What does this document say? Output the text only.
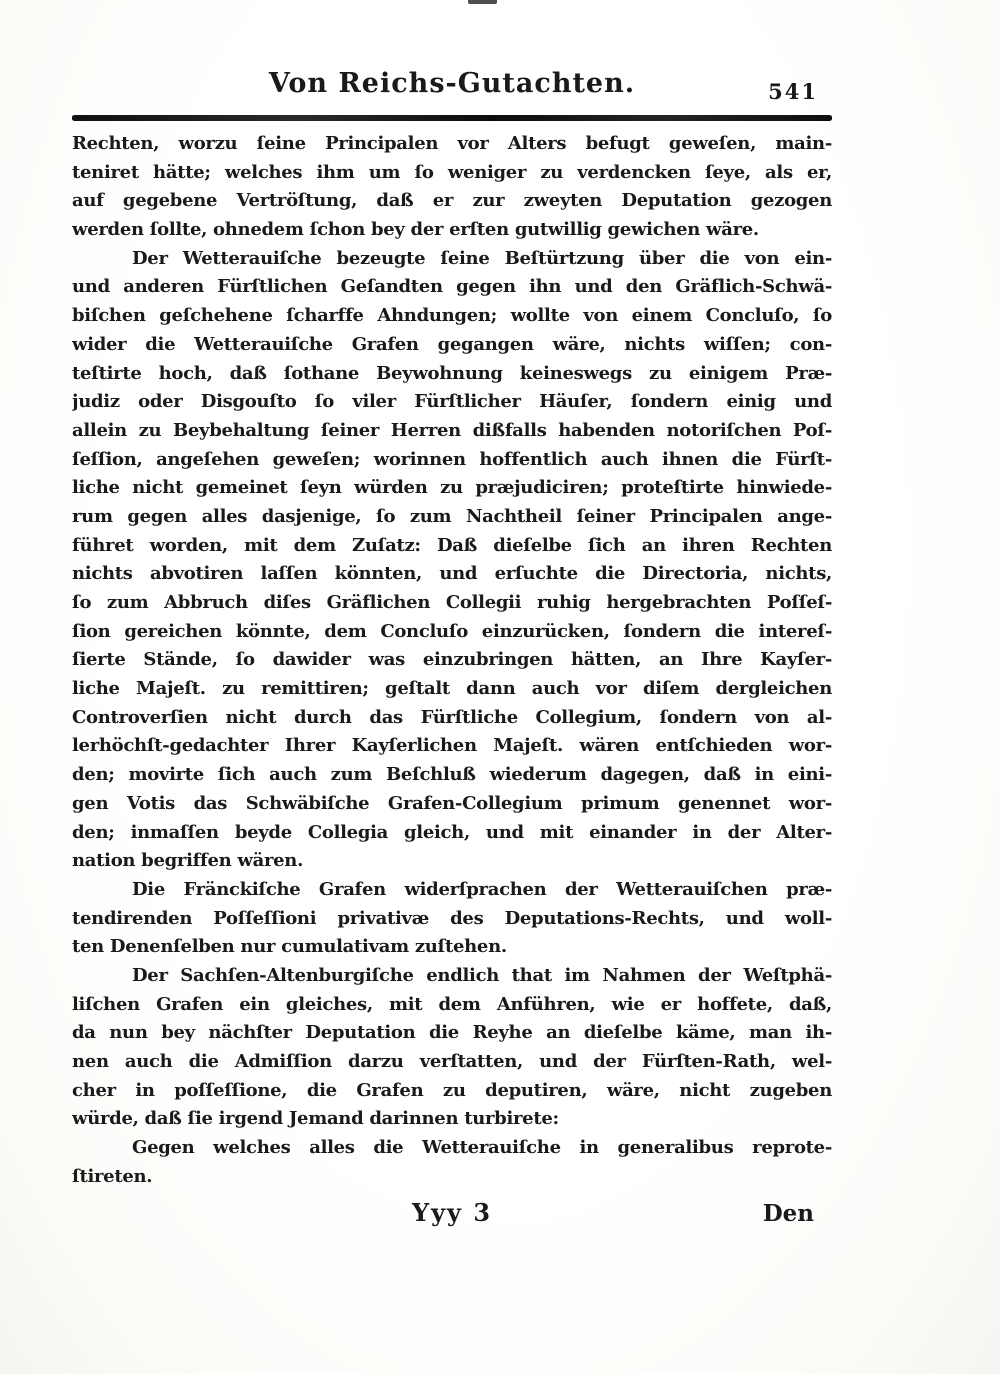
Von Reichs-Gutachten.	541
Rechten, worzu ſeine Principalen vor Alters befugt geweſen, main-
teniret hätte; welches ihm um ſo weniger zu verdencken ſeye, als er,
auf gegebene Vertröſtung, daß er zur zweyten Deputation gezogen
werden ſollte, ohnedem ſchon bey der erſten gutwillig gewichen wäre.
Der Wetterauiſche bezeugte ſeine Beſtürtzung über die von ein-
und anderen Fürſtlichen Geſandten gegen ihn und den Gräflich-Schwä-
biſchen geſchehene ſcharffe Ahndungen; wollte von einem Concluſo, ſo
wider die Wetterauiſche Grafen gegangen wäre, nichts wiſſen; con-
teſtirte hoch, daß ſothane Beywohnung keineswegs zu einigem Præ-
judiz oder Disgouſto ſo viler Fürſtlicher Häuſer, ſondern einig und
allein zu Beybehaltung ſeiner Herren dißfalls habenden notoriſchen Poſ-
ſeſſion, angeſehen geweſen; worinnen hoffentlich auch ihnen die Fürſt-
liche nicht gemeinet ſeyn würden zu præjudiciren; proteſtirte hinwiede-
rum gegen alles dasjenige, ſo zum Nachtheil ſeiner Principalen ange-
führet worden, mit dem Zuſatz: Daß dieſelbe ſich an ihren Rechten
nichts abvotiren laſſen könnten, und erſuchte die Directoria, nichts,
ſo zum Abbruch diſes Gräflichen Collegii ruhig hergebrachten Poſſeſ-
ſion gereichen könnte, dem Concluſo einzurücken, ſondern die intereſ-
ſierte Stände, ſo dawider was einzubringen hätten, an Ihre Kayſer-
liche Majeſt. zu remittiren; geſtalt dann auch vor diſem dergleichen
Controverſien nicht durch das Fürſtliche Collegium, ſondern von al-
lerhöchſt-gedachter Ihrer Kayſerlichen Majeſt. wären entſchieden wor-
den; movirte ſich auch zum Beſchluß wiederum dagegen, daß in eini-
gen Votis das Schwäbiſche Grafen-Collegium primum genennet wor-
den; inmaſſen beyde Collegia gleich, und mit einander in der Alter-
nation begriffen wären.
Die Fränckiſche Grafen widerſprachen der Wetterauiſchen præ-
tendirenden Poſſeſſioni privativæ des Deputations-Rechts, und woll-
ten Denenſelben nur cumulativam zuſtehen.
Der Sachſen-Altenburgiſche endlich that im Nahmen der Weſtphä-
liſchen Grafen ein gleiches, mit dem Anführen, wie er hoffete, daß,
da nun bey nächſter Deputation die Reyhe an dieſelbe käme, man ih-
nen auch die Admiſſion darzu verſtatten, und der Fürſten-Rath, wel-
cher in poſſeſſione, die Grafen zu deputiren, wäre, nicht zugeben
würde, daß ſie irgend Jemand darinnen turbirete:
Gegen welches alles die Wetterauiſche in generalibus reprote-
ſtireten.
Yyy 3	Den
